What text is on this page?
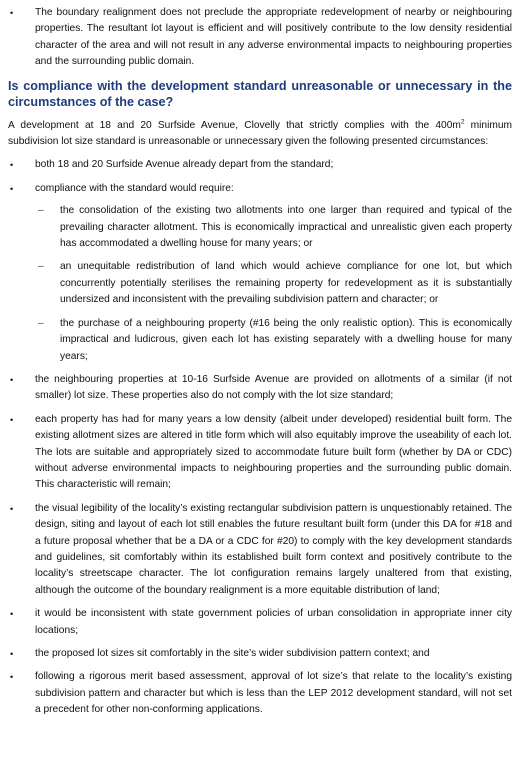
• The boundary realignment does not preclude the appropriate redevelopment of nearby or neighbouring properties. The resultant lot layout is efficient and will positively contribute to the low density residential character of the area and will not result in any adverse environmental impacts to neighbouring properties and the surrounding public domain.
Is compliance with the development standard unreasonable or unnecessary in the circumstances of the case?

A development at 18 and 20 Surfside Avenue, Clovelly that strictly complies with the $400m^2$ minimum subdivision lot size standard is unreasonable or unnecessary given the following presented circumstances:

• both 18 and 20 Surfside Avenue already depart from the standard;
• compliance with the standard would require:
– the consolidation of the existing two allotments into one larger than required and typical of the prevailing character allotment. This is economically impractical and unrealistic given each property has accommodated a dwelling house for many years; or
– an unequitable redistribution of land which would achieve compliance for one lot, but which concurrently potentially sterilises the remaining property for redevelopment as it is substantially undersized and inconsistent with the prevailing subdivision pattern and character; or
– the purchase of a neighbouring property (#16 being the only realistic option). This is economically impractical and ludicrous, given each lot has existing separately with a dwelling house for many years;
• the neighbouring properties at 10-16 Surfside Avenue are provided on allotments of a similar (if not smaller) lot size. These properties also do not comply with the lot size standard;
• each property has had for many years a low density (albeit under developed) residential built form. The existing allotment sizes are altered in title form which will also equitably improve the useability of each lot. The lots are suitable and appropriately sized to accommodate future built form (whether by DA or CDC) without adverse environmental impacts to neighbouring properties and the surrounding public domain. This characteristic will remain;
• the visual legibility of the locality’s existing rectangular subdivision pattern is unquestionably retained. The design, siting and layout of each lot still enables the future resultant built form (under this DA for #18 and a future proposal whether that be a DA or a CDC for #20) to comply with the key development standards and guidelines, sit comfortably within its established built form context and positively contribute to the locality’s streetscape character. The lot configuration remains largely unaltered from that existing, although the outcome of the boundary realignment is a more equitable distribution of land;
• it would be inconsistent with state government policies of urban consolidation in appropriate inner city locations;
• the proposed lot sizes sit comfortably in the site’s wider subdivision pattern context; and
• following a rigorous merit based assessment, approval of lot size’s that relate to the locality’s existing subdivision pattern and character but which is less than the LEP 2012 development standard, will not set a precedent for other non-conforming applications.
